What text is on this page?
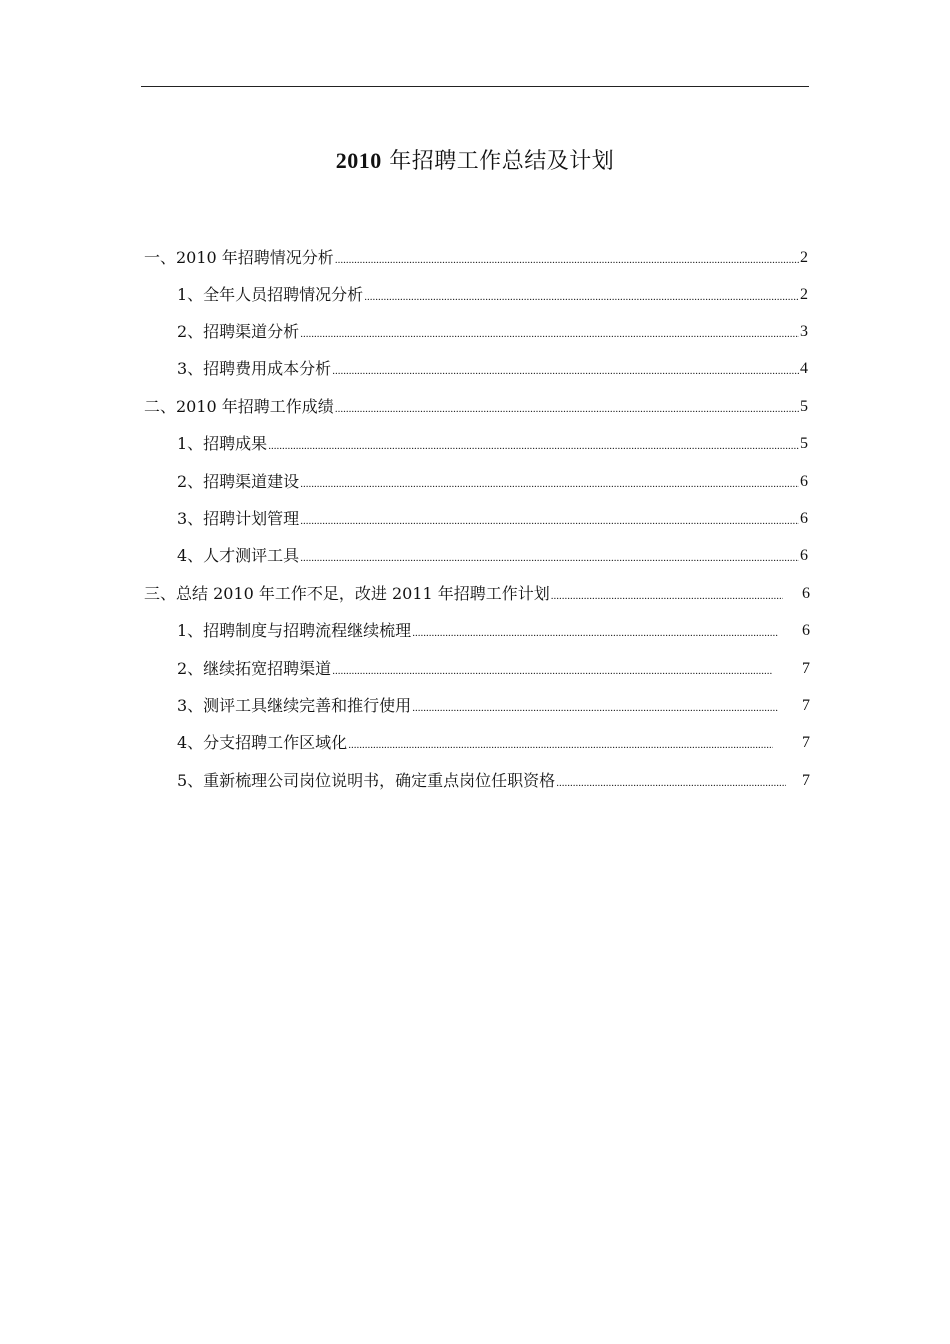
2010 年招聘工作总结及计划
一、2010 年招聘情况分析 .....	2
1、全年人员招聘情况分析 .....	2
2、招聘渠道分析 .....	3
3、招聘费用成本分析 .....	4
二、2010 年招聘工作成绩 .....	5
1、招聘成果 .....	5
2、招聘渠道建设 .....	6
3、招聘计划管理 .....	6
4、人才测评工具 .....	6
三、总结 2010 年工作不足，改进 2011 年招聘工作计划 .....	6
1、招聘制度与招聘流程继续梳理 .....	6
2、继续拓宽招聘渠道 .....	7
3、测评工具继续完善和推行使用 .....	7
4、分支招聘工作区域化 .....	7
5、重新梳理公司岗位说明书，确定重点岗位任职资格 .....	7
